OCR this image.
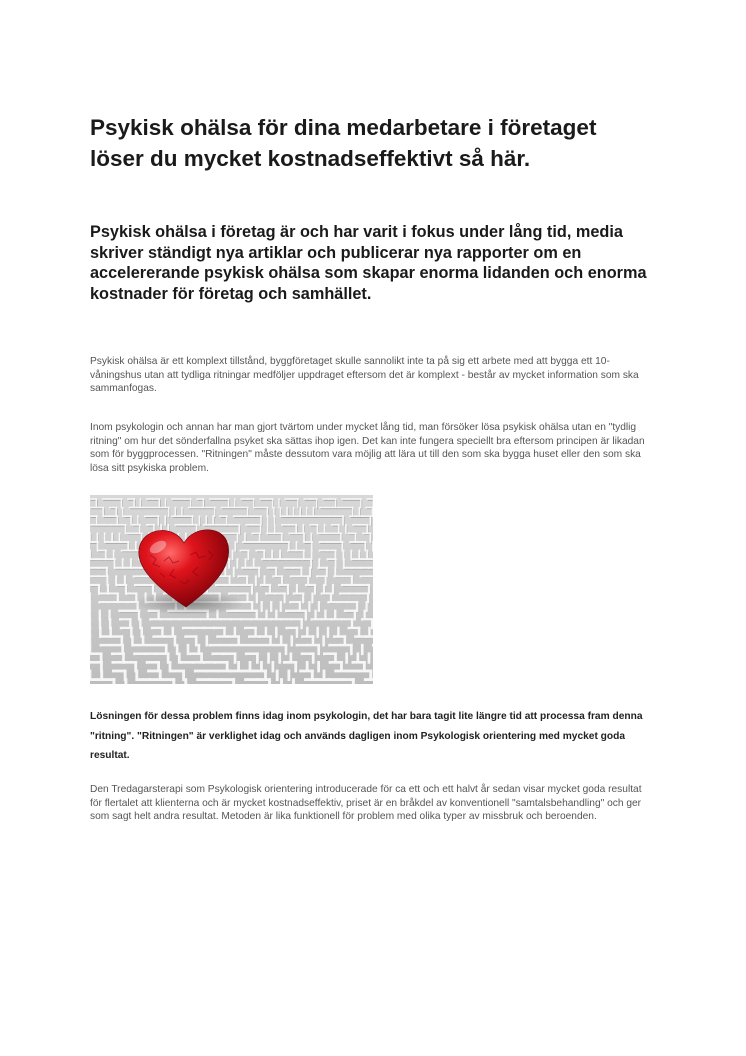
Psykisk ohälsa för dina medarbetare i företaget löser du mycket kostnadseffektivt så här.
Psykisk ohälsa i företag är och har varit i fokus under lång tid, media skriver ständigt nya artiklar och publicerar nya rapporter om en accelererande psykisk ohälsa som skapar enorma lidanden och enorma kostnader för företag och samhället.

Psykisk ohälsa är ett komplext tillstånd, byggföretaget skulle sannolikt inte ta på sig ett arbete med att bygga ett 10-våningshus utan att tydliga ritningar medföljer uppdraget eftersom det är komplext - består av mycket information som ska sammanfogas.

Inom psykologin och annan har man gjort tvärtom under mycket lång tid, man försöker lösa psykisk ohälsa utan en "tydlig ritning" om hur det sönderfallna psyket ska sättas ihop igen. Det kan inte fungera speciellt bra eftersom principen är likadan som för byggprocessen. "Ritningen" måste dessutom vara möjlig att lära ut till den som ska bygga huset eller den som ska lösa sitt psykiska problem.

Lösningen för dessa problem finns idag inom psykologin, det har bara tagit lite längre tid att processa fram denna "ritning". "Ritningen" är verklighet idag och används dagligen inom Psykologisk orientering med mycket goda resultat.

Den Tredagarsterapi som Psykologisk orientering introducerade för ca ett och ett halvt år sedan visar mycket goda resultat för flertalet att klienterna och är mycket kostnadseffektiv, priset är en bråkdel av konventionell "samtalsbehandling" och ger som sagt helt andra resultat. Metoden är lika funktionell för problem med olika typer av missbruk och beroenden.
